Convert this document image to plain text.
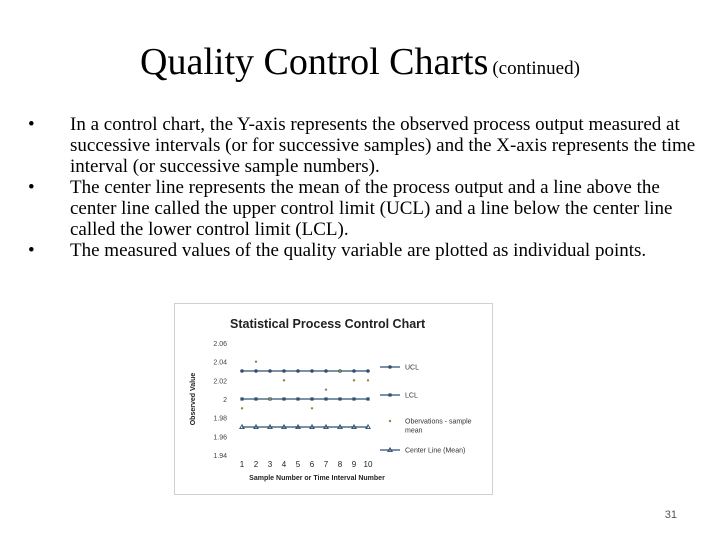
Quality Control Charts (continued)
• In a control chart, the Y-axis represents the observed process output measured at successive intervals (or for successive samples) and the X-axis represents the time interval (or successive sample numbers).
• The center line represents the mean of the process output and a line above the center line called the upper control limit (UCL) and a line below the center line called the lower control limit (LCL).
• The measured values of the quality variable are plotted as individual points.
Statistical Process Control Chart
1.94
1.96
1.98
2
2.02
2.04
2.06
Observed Value
1 2 3 4 5 6 7 8 9 10
Sample Number or Time Interval Number
UCL
LCL
Obervations - sample
mean
Center Line (Mean)
31
